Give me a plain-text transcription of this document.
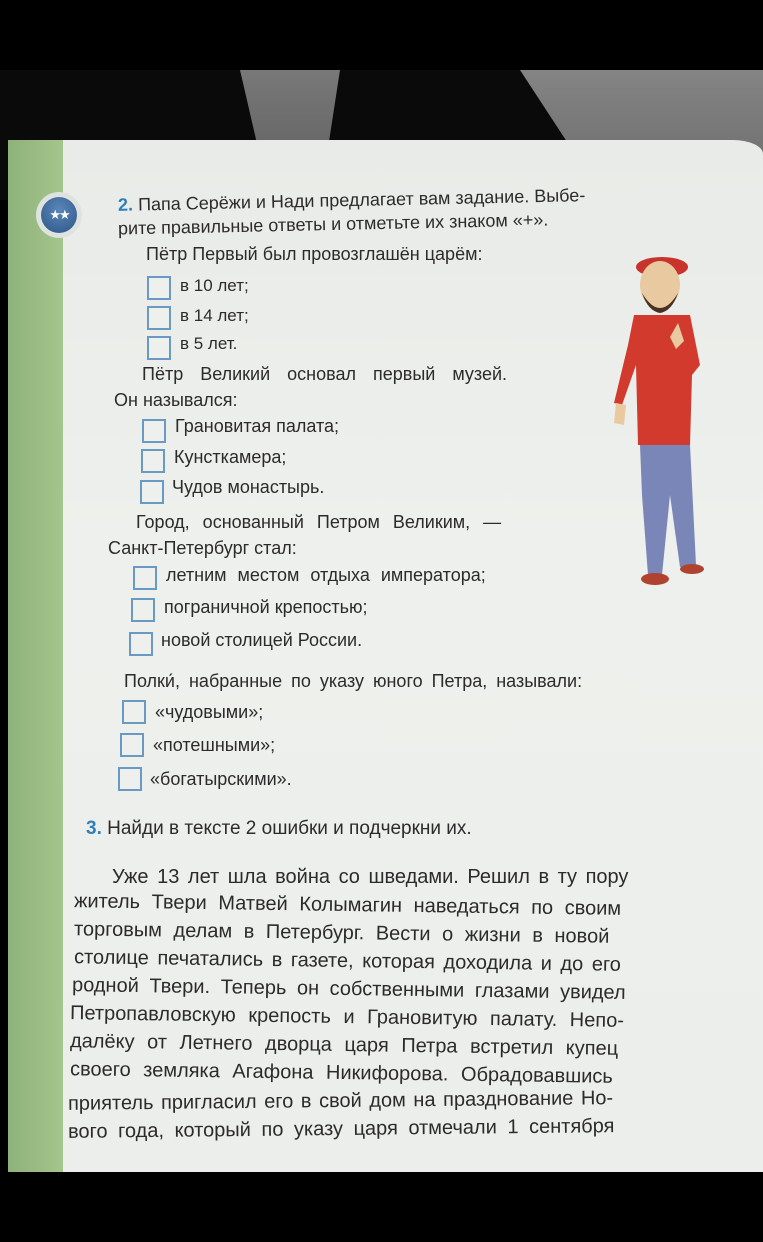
★★	2. Папа Серёжи и Нади предлагает вам задание. Выбе-
рите правильные ответы и отметьте их знаком «+».
Пётр Первый был провозглашён царём:
в 10 лет;
в 14 лет;
в 5 лет.
Пётр Великий основал первый музей.
Он назывался:
Грановитая палата;
Кунсткамера;
Чудов монастырь.
Город, основанный Петром Великим, —
Санкт-Петербург стал:
летним местом отдыха императора;
пограничной крепостью;
новой столицей России.
Полки́, набранные по указу юного Петра, называли:
«чудовыми»;
«потешными»;
«богатырскими».
3. Найди в тексте 2 ошибки и подчеркни их.
Уже 13 лет шла война со шведами. Решил в ту пору
житель Твери Матвей Колымагин наведаться по своим
торговым делам в Петербург. Вести о жизни в новой
столице печатались в газете, которая доходила и до его
родной Твери. Теперь он собственными глазами увидел
Петропавловскую крепость и Грановитую палату. Непо-
далёку от Летнего дворца царя Петра встретил купец
своего земляка Агафона Никифорова. Обрадовавшись
приятель пригласил его в свой дом на празднование Но-
вого года, который по указу царя отмечали 1 сентября
